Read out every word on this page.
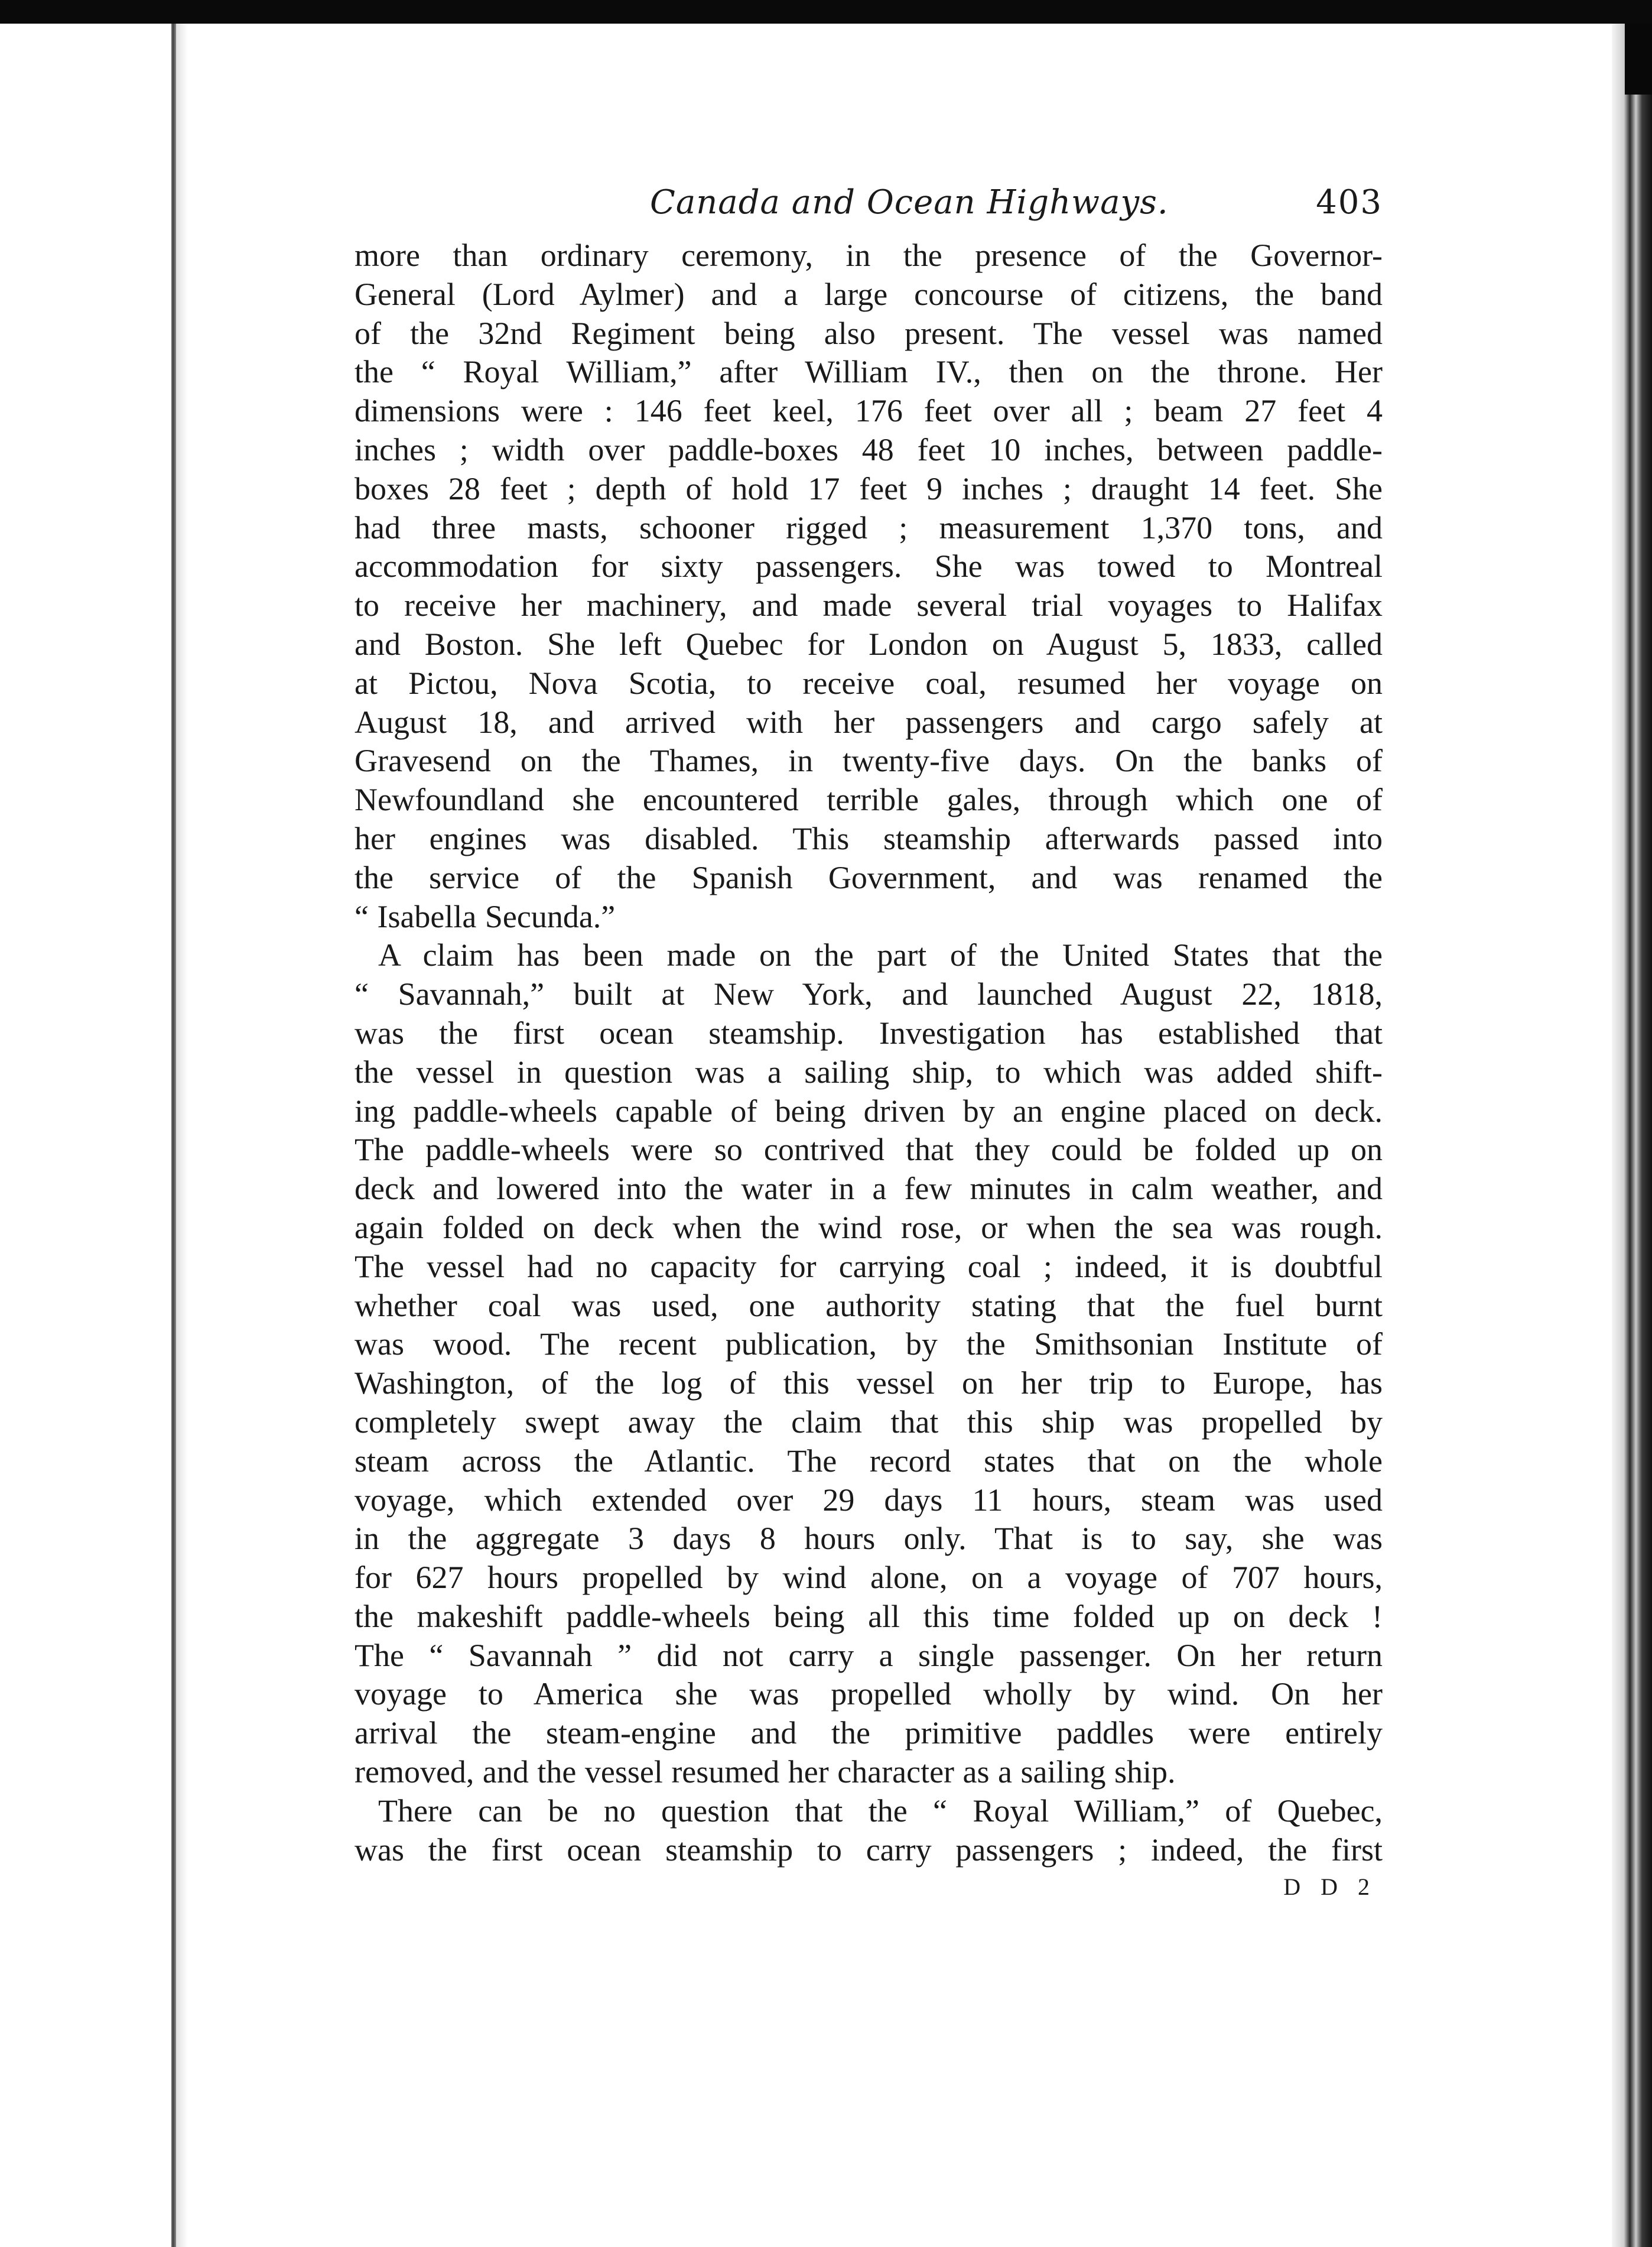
Canada and Ocean Highways.	403
more than ordinary ceremony, in the presence of the Governor-
General (Lord Aylmer) and a large concourse of citizens, the band
of the 32nd Regiment being also present. The vessel was named
the “ Royal William,” after William IV., then on the throne. Her
dimensions were : 146 feet keel, 176 feet over all ; beam 27 feet 4
inches ; width over paddle-boxes 48 feet 10 inches, between paddle-
boxes 28 feet ; depth of hold 17 feet 9 inches ; draught 14 feet. She
had three masts, schooner rigged ; measurement 1,370 tons, and
accommodation for sixty passengers. She was towed to Montreal
to receive her machinery, and made several trial voyages to Halifax
and Boston. She left Quebec for London on August 5, 1833, called
at Pictou, Nova Scotia, to receive coal, resumed her voyage on
August 18, and arrived with her passengers and cargo safely at
Gravesend on the Thames, in twenty-five days. On the banks of
Newfoundland she encountered terrible gales, through which one of
her engines was disabled. This steamship afterwards passed into
the service of the Spanish Government, and was renamed the
“ Isabella Secunda.”
A claim has been made on the part of the United States that the
“ Savannah,” built at New York, and launched August 22, 1818,
was the first ocean steamship. Investigation has established that
the vessel in question was a sailing ship, to which was added shift-
ing paddle-wheels capable of being driven by an engine placed on deck.
The paddle-wheels were so contrived that they could be folded up on
deck and lowered into the water in a few minutes in calm weather, and
again folded on deck when the wind rose, or when the sea was rough.
The vessel had no capacity for carrying coal ; indeed, it is doubtful
whether coal was used, one authority stating that the fuel burnt
was wood. The recent publication, by the Smithsonian Institute of
Washington, of the log of this vessel on her trip to Europe, has
completely swept away the claim that this ship was propelled by
steam across the Atlantic. The record states that on the whole
voyage, which extended over 29 days 11 hours, steam was used
in the aggregate 3 days 8 hours only. That is to say, she was
for 627 hours propelled by wind alone, on a voyage of 707 hours,
the makeshift paddle-wheels being all this time folded up on deck !
The “ Savannah ” did not carry a single passenger. On her return
voyage to America she was propelled wholly by wind. On her
arrival the steam-engine and the primitive paddles were entirely
removed, and the vessel resumed her character as a sailing ship.
There can be no question that the “ Royal William,” of Quebec,
was the first ocean steamship to carry passengers ; indeed, the first
D D 2
